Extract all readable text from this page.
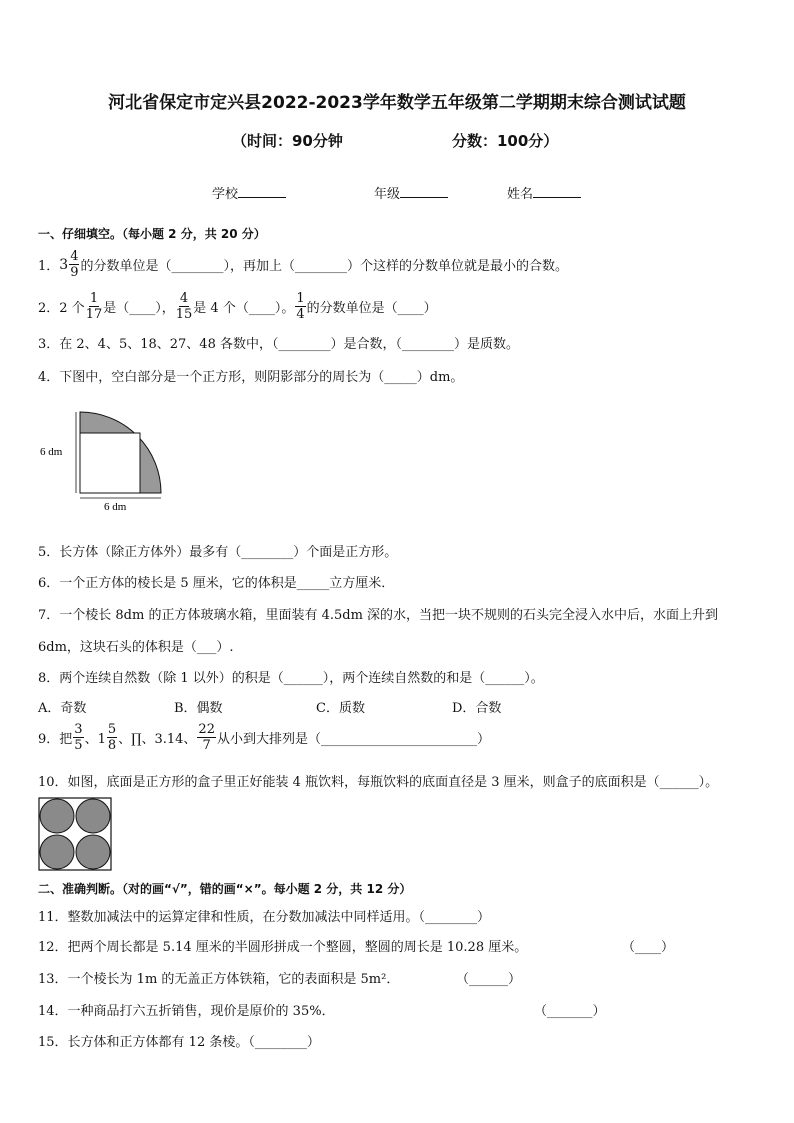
河北省保定市定兴县2022-2023学年数学五年级第二学期期末综合测试试题
（时间：90分钟	分数：100分）
学校	年级	姓名
一、仔细填空。（每小题 2 分，共 20 分）
1． $3 \frac{4}{9}$ 的分数单位是（________），再加上（________）个这样的分数单位就是最小的合数。
2．2 个 $\frac{1}{17}$ 是（____）， $\frac{4}{15}$ 是 4 个（____）。 $\frac{1}{4}$ 的分数单位是（____）
3．在 2、4、5、18、27、48 各数中，（________）是合数，（________）是质数。
4．下图中，空白部分是一个正方形，则阴影部分的周长为（_____）dm。
6 dm
6 dm
5．长方体（除正方体外）最多有（________）个面是正方形。
6．一个正方体的棱长是 5 厘米，它的体积是_____立方厘米．
7．一个棱长 8dm 的正方体玻璃水箱，里面装有 4.5dm 深的水，当把一块不规则的石头完全浸入水中后，水面上升到
6dm，这块石头的体积是（___）.
8．两个连续自然数（除 1 以外）的积是（______），两个连续自然数的和是（______）。
A．奇数	B．偶数	C．质数	D．合数
9．把 $\frac{3}{5}$ 、$1 \frac{5}{8}$ 、∏、3.14、 $\frac{22}{7}$ 从小到大排列是（________________________）
10．如图，底面是正方形的盒子里正好能装 4 瓶饮料，每瓶饮料的底面直径是 3 厘米，则盒子的底面积是（______）。
二、准确判断。（对的画“√”，错的画“×”。每小题 2 分，共 12 分）
11．整数加减法中的运算定律和性质，在分数加减法中同样适用。（________）
12．把两个周长都是 5.14 厘米的半圆形拼成一个整圆，整圆的周长是 10.28 厘米。	（____）
13．一个棱长为 1m 的无盖正方体铁箱，它的表面积是 5m²．	（______）
14．一种商品打六五折销售，现价是原价的 35%．	（_______）
15．长方体和正方体都有 12 条棱。（________）
